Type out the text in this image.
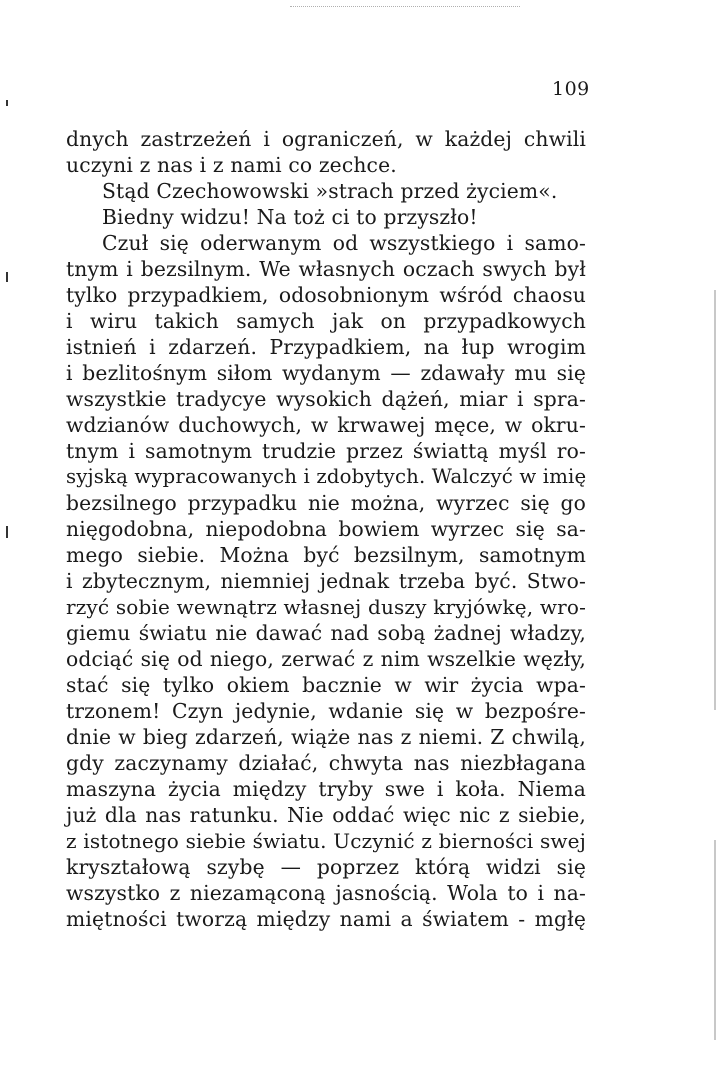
109
dnych zastrzeżeń i ograniczeń, w każdej chwili
uczyni z nas i z nami co zechce.
Stąd Czechowowski »strach przed życiem«.
Biedny widzu! Na toż ci to przyszło!
Czuł się oderwanym od wszystkiego i samo-
tnym i bezsilnym. We własnych oczach swych był
tylko przypadkiem, odosobnionym wśród chaosu
i wiru takich samych jak on przypadkowych
istnień i zdarzeń. Przypadkiem, na łup wrogim
i bezlitośnym siłom wydanym — zdawały mu się
wszystkie tradycye wysokich dążeń, miar i spra-
wdzianów duchowych, w krwawej męce, w okru-
tnym i samotnym trudzie przez świattą myśl ro-
syjską wypracowanych i zdobytych. Walczyć w imię
bezsilnego przypadku nie można, wyrzec się go
nięgodobna, niepodobna bowiem wyrzec się sa-
mego siebie. Można być bezsilnym, samotnym
i zbytecznym, niemniej jednak trzeba być. Stwo-
rzyć sobie wewnątrz własnej duszy kryjówkę, wro-
giemu światu nie dawać nad sobą żadnej władzy,
odciąć się od niego, zerwać z nim wszelkie węzły,
stać się tylko okiem bacznie w wir życia wpa-
trzonem! Czyn jedynie, wdanie się w bezpośre-
dnie w bieg zdarzeń, wiąże nas z niemi. Z chwilą,
gdy zaczynamy działać, chwyta nas niezbłagana
maszyna życia między tryby swe i koła. Niema
już dla nas ratunku. Nie oddać więc nic z siebie,
z istotnego siebie światu. Uczynić z bierności swej
kryształową szybę — poprzez którą widzi się
wszystko z niezamąconą jasnością. Wola to i na-
miętności tworzą między nami a światem - mgłę
